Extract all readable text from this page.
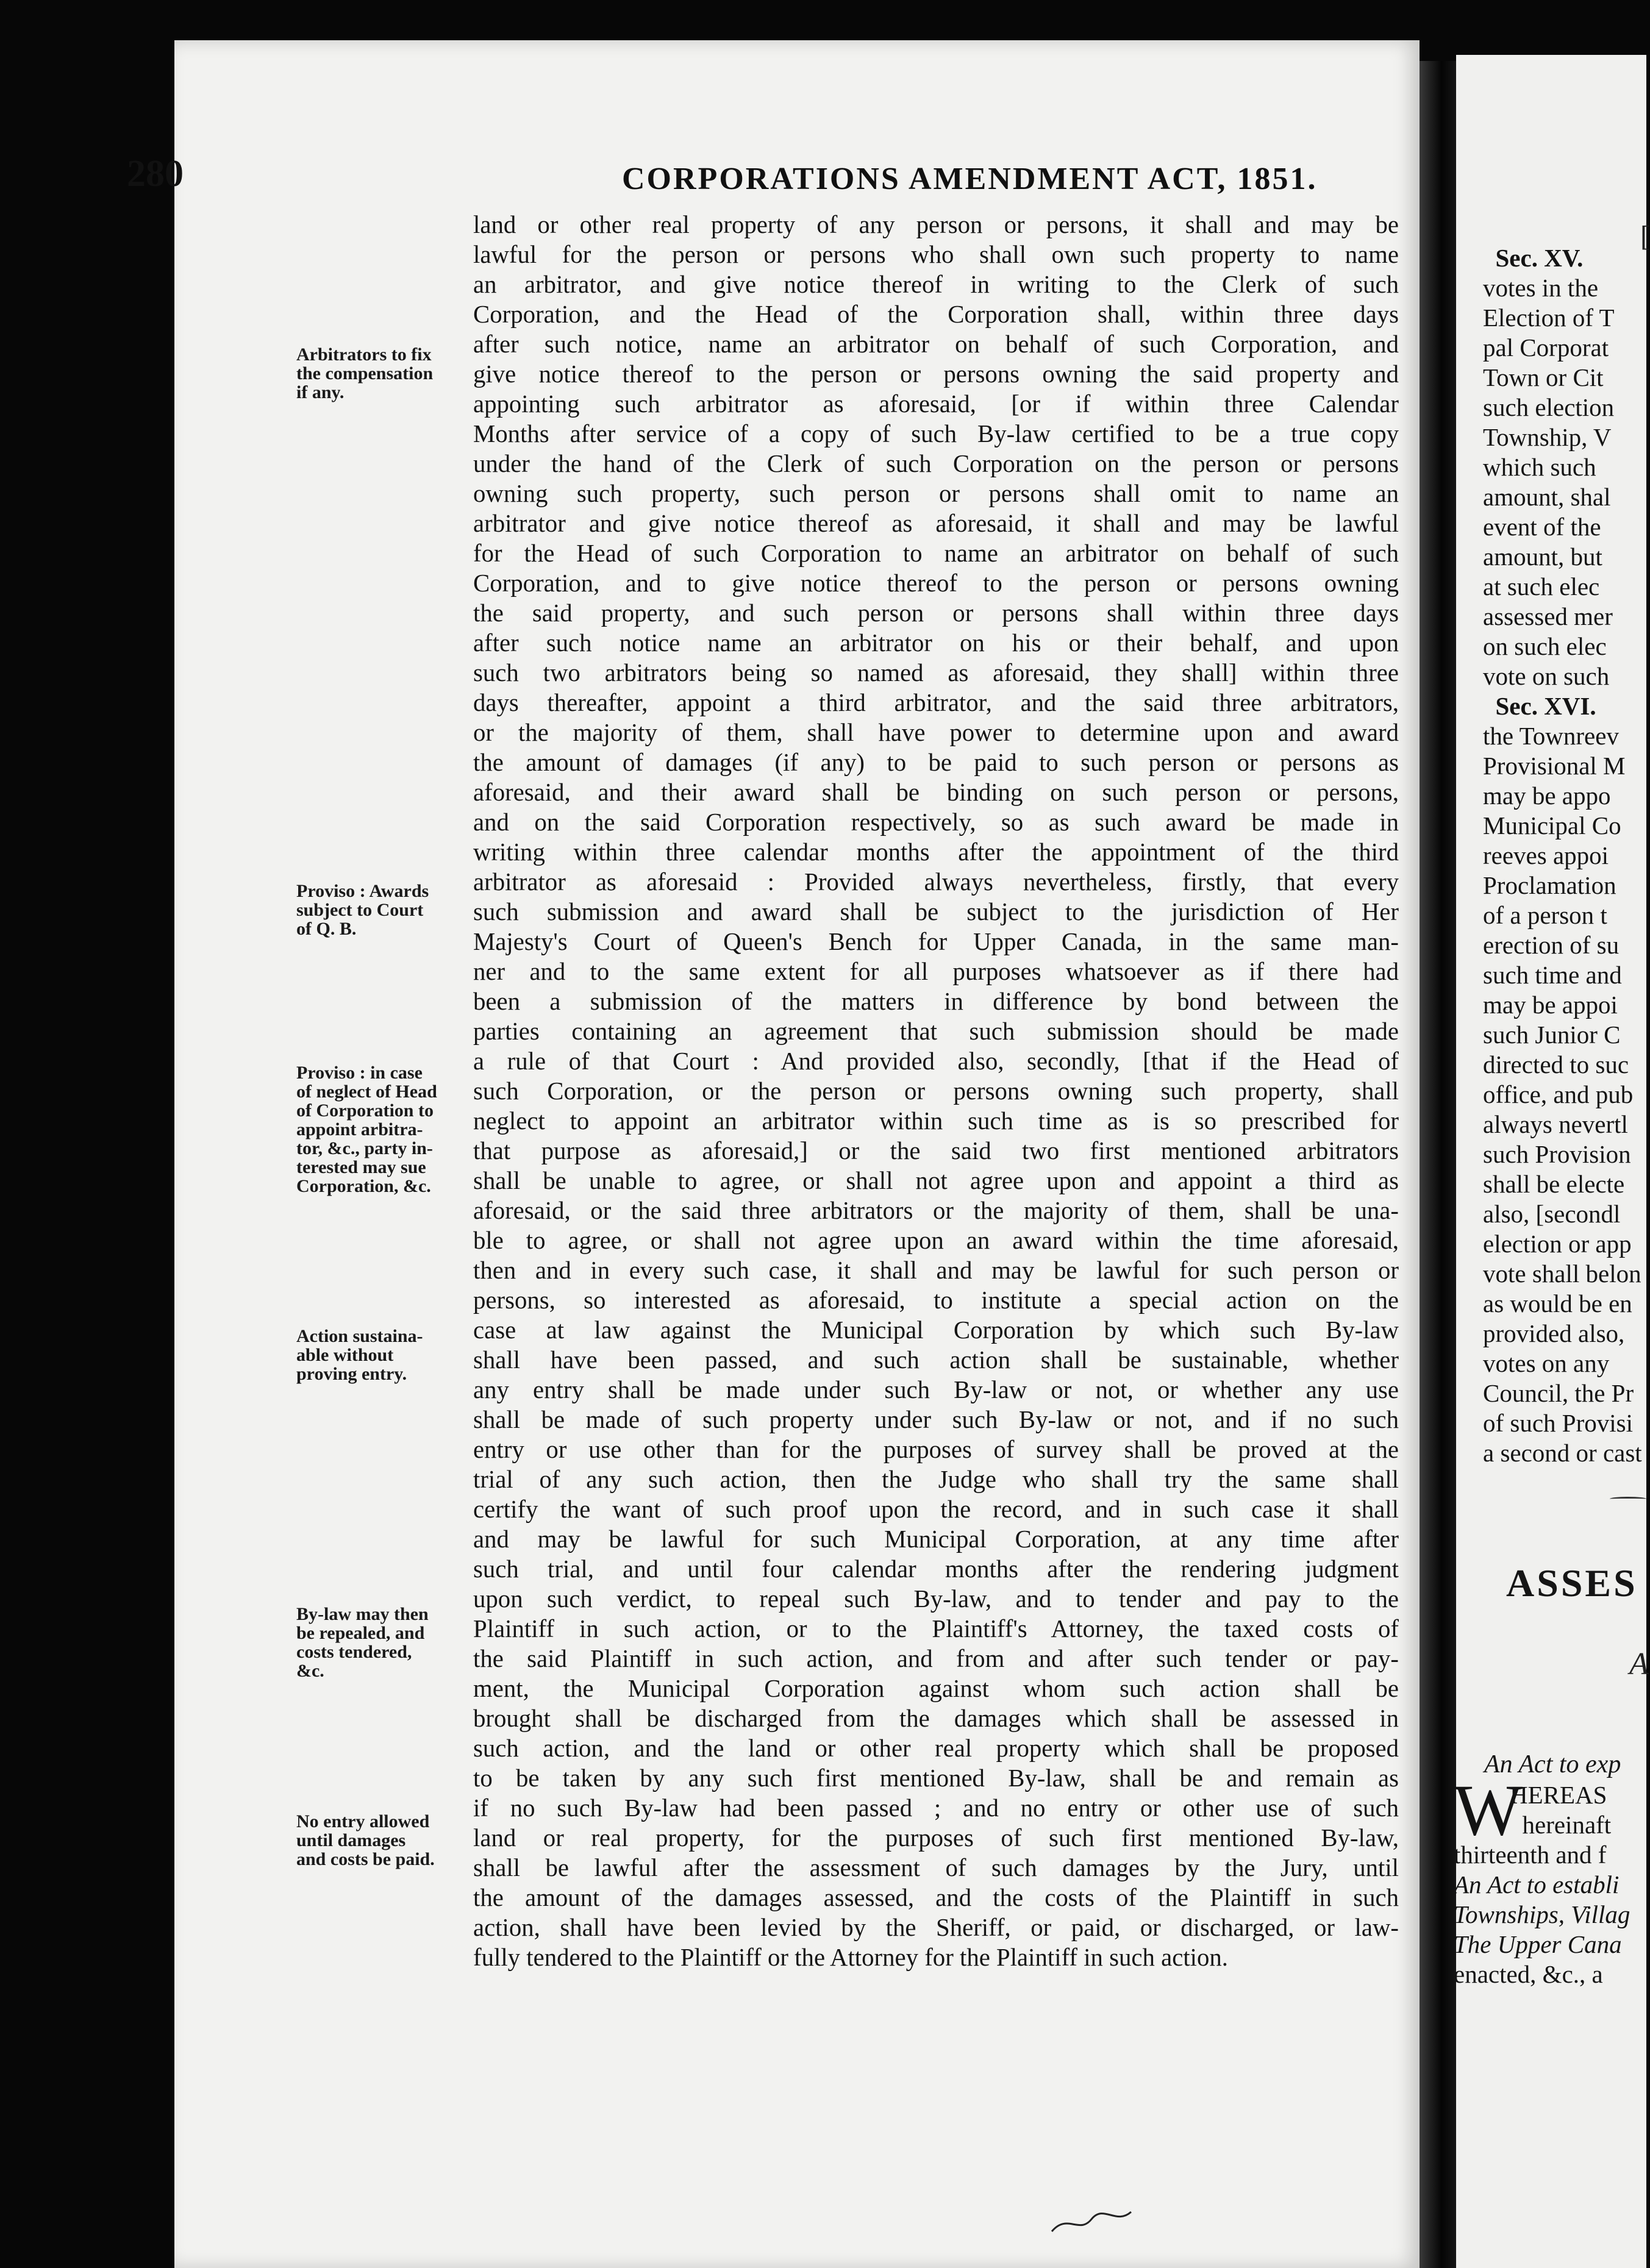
280	CORPORATIONS AMENDMENT ACT, 1851.
land or other real property of any person or persons, it shall and may be
lawful for the person or persons who shall own such property to name
an arbitrator, and give notice thereof in writing to the Clerk of such
Corporation, and the Head of the Corporation shall, within three days
after such notice, name an arbitrator on behalf of such Corporation, and
give notice thereof to the person or persons owning the said property and
appointing such arbitrator as aforesaid, [or if within three Calendar
Months after service of a copy of such By-law certified to be a true copy
under the hand of the Clerk of such Corporation on the person or persons
owning such property, such person or persons shall omit to name an
arbitrator and give notice thereof as aforesaid, it shall and may be lawful
for the Head of such Corporation to name an arbitrator on behalf of such
Corporation, and to give notice thereof to the person or persons owning
the said property, and such person or persons shall within three days
after such notice name an arbitrator on his or their behalf, and upon
such two arbitrators being so named as aforesaid, they shall] within three
days thereafter, appoint a third arbitrator, and the said three arbitrators,
or the majority of them, shall have power to determine upon and award
the amount of damages (if any) to be paid to such person or persons as
aforesaid, and their award shall be binding on such person or persons,
and on the said Corporation respectively, so as such award be made in
writing within three calendar months after the appointment of the third
arbitrator as aforesaid : Provided always nevertheless, firstly, that every
such submission and award shall be subject to the jurisdiction of Her
Majesty's Court of Queen's Bench for Upper Canada, in the same man-
ner and to the same extent for all purposes whatsoever as if there had
been a submission of the matters in difference by bond between the
parties containing an agreement that such submission should be made
a rule of that Court : And provided also, secondly, [that if the Head of
such Corporation, or the person or persons owning such property, shall
neglect to appoint an arbitrator within such time as is so prescribed for
that purpose as aforesaid,] or the said two first mentioned arbitrators
shall be unable to agree, or shall not agree upon and appoint a third as
aforesaid, or the said three arbitrators or the majority of them, shall be una-
ble to agree, or shall not agree upon an award within the time aforesaid,
then and in every such case, it shall and may be lawful for such person or
persons, so interested as aforesaid, to institute a special action on the
case at law against the Municipal Corporation by which such By-law
shall have been passed, and such action shall be sustainable, whether
any entry shall be made under such By-law or not, or whether any use
shall be made of such property under such By-law or not, and if no such
entry or use other than for the purposes of survey shall be proved at the
trial of any such action, then the Judge who shall try the same shall
certify the want of such proof upon the record, and in such case it shall
and may be lawful for such Municipal Corporation, at any time after
such trial, and until four calendar months after the rendering judgment
upon such verdict, to repeal such By-law, and to tender and pay to the
Plaintiff in such action, or to the Plaintiff's Attorney, the taxed costs of
the said Plaintiff in such action, and from and after such tender or pay-
ment, the Municipal Corporation against whom such action shall be
brought shall be discharged from the damages which shall be assessed in
such action, and the land or other real property which shall be proposed
to be taken by any such first mentioned By-law, shall be and remain as
if no such By-law had been passed ; and no entry or other use of such
land or real property, for the purposes of such first mentioned By-law,
shall be lawful after the assessment of such damages by the Jury, until
the amount of the damages assessed, and the costs of the Plaintiff in such
action, shall have been levied by the Sheriff, or paid, or discharged, or law-
fully tendered to the Plaintiff or the Attorney for the Plaintiff in such action.
Arbitrators to fix
the compensation
if any.
Proviso : Awards
subject to Court
of Q. B.
Proviso : in case
of neglect of Head
of Corporation to
appoint arbitra-
tor, &c., party in-
terested may sue
Corporation, &c.
Action sustaina-
able without
proving entry.
By-law may then
be repealed, and
costs tendered,
&c.
No entry allowed
until damages
and costs be paid.
[
Sec. XV.
votes in the
Election of T
pal Corporat
Town or Cit
such election
Township, V
which such
amount, shal
event of the
amount, but
at such elec
assessed mer
on such elec
vote on such
Sec. XVI.
the Townreev
Provisional M
may be appo
Municipal Co
reeves appoi
Proclamation
of a person t
erection of su
such time and
may be appoi
such Junior C
directed to suc
office, and pub
always nevertl
such Provision
shall be electe
also, [secondl
election or app
vote shall belon
as would be en
provided also,
votes on any
Council, the Pr
of such Provisi
a second or cast
ASSES
A
An Act to exp
W
HEREAS
hereinaft
thirteenth and f
An Act to establi
Townships, Villag
The Upper Cana
enacted, &c., a
